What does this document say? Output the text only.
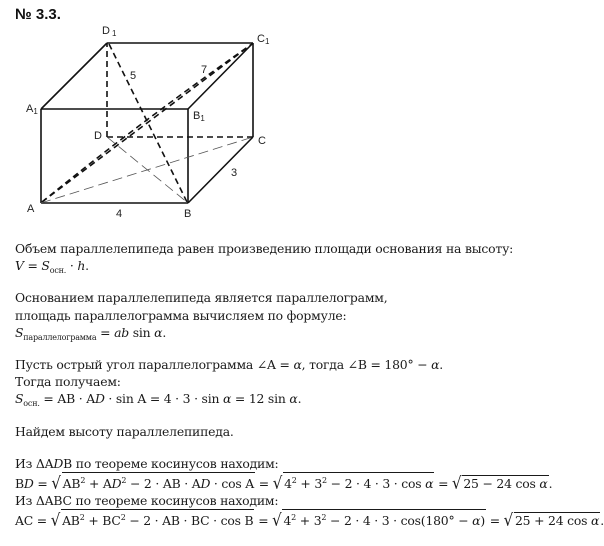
№ 3.3.
A	B
C
D
A1	B1
C1
D 1
4
3
5	7
Объем параллелепипеда равен произведению площади основания на высоту:
$V = S_{осн.} \cdot h$.
Основанием параллелепипеда является параллелограмм,
площадь параллелограмма вычисляем по формуле:
$S_{параллелограмма}$ = ab sin α.
Пусть острый угол параллелограмма ∠A = α, тогда ∠B = 180° − α.
Тогда получаем:
$S_{осн.}$ = AB · AD · sin A = 4 · 3 · sin α = 12 sin α.
Найдем высоту параллелепипеда.
Из ΔADB по теореме косинусов находим:
BD = √ $AB^2 + AD^2 - 2$ · AB · AD · cos A = √ $4^2 + 3^2 - 2 \cdot 4 \cdot 3 \cdot \cos \alpha$ = √ 25 − 24 cos α.
Из ΔABC по теореме косинусов находим:
AC = √ $AB^2 + BC^2 - 2$ · AB · BC · cos B = √ $4^2 + 3^2 - 2 \cdot 4 \cdot 3 \cdot \cos(180^\circ - \alpha)$ = √ 25 + 24 cos α.
